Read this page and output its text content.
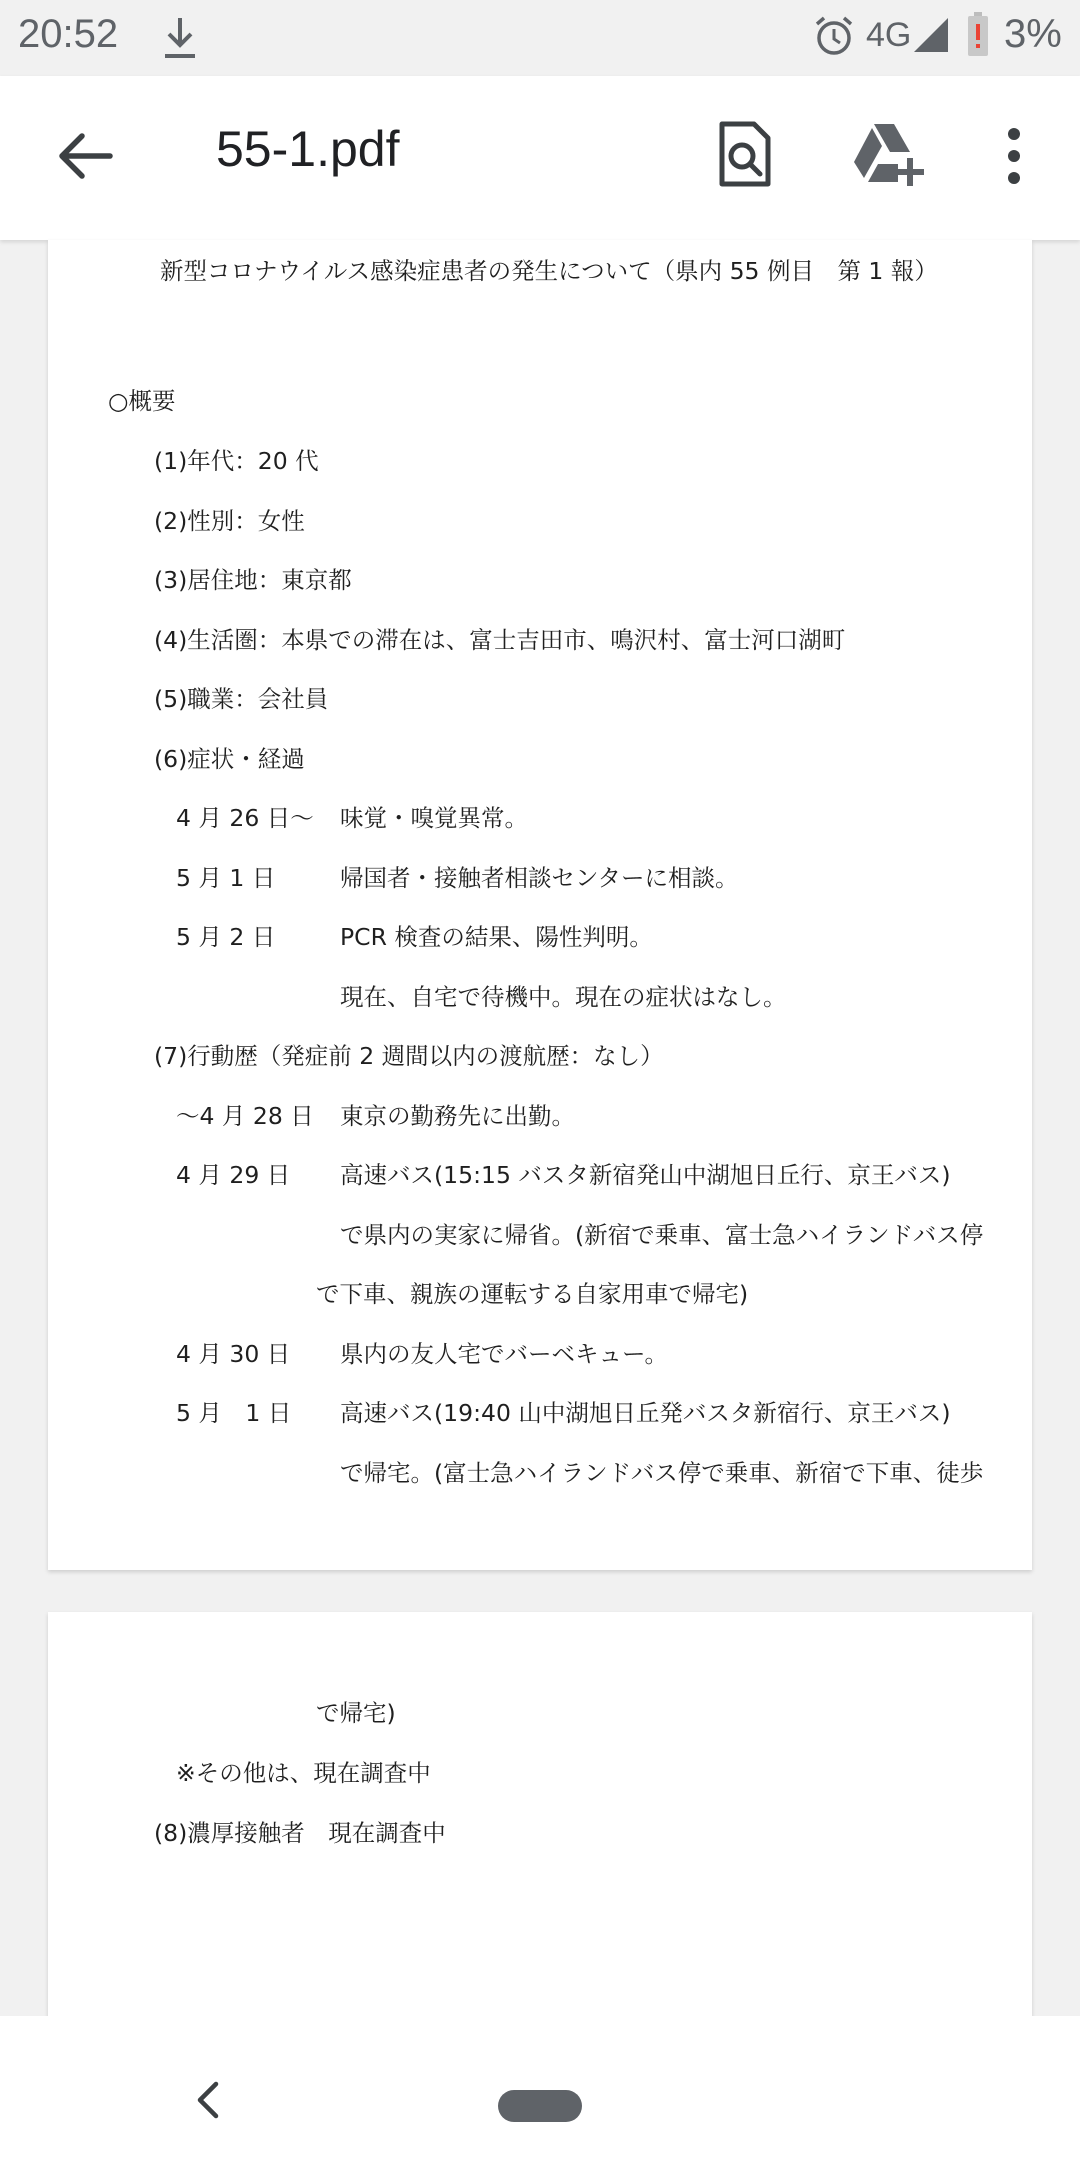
20:52	4G 3%
55-1.pdf
新型コロナウイルス感染症患者の発生について（県内 55 例目　第 1 報）
○概要
(1)年代：20 代
(2)性別：女性
(3)居住地：東京都
(4)生活圏：本県での滞在は、富士吉田市、鳴沢村、富士河口湖町
(5)職業：会社員
(6)症状・経過
4 月 26 日～ 味覚・嗅覚異常。
5 月 1 日	帰国者・接触者相談センターに相談。
5 月 2 日	PCR 検査の結果、陽性判明。
現在、自宅で待機中。現在の症状はなし。
(7)行動歴（発症前 2 週間以内の渡航歴：なし）
～4 月 28 日 東京の勤務先に出勤。
4 月 29 日 高速バス(15:15 バスタ新宿発山中湖旭日丘行、京王バス)
で県内の実家に帰省。(新宿で乗車、富士急ハイランドバス停
で下車、親族の運転する自家用車で帰宅)
4 月 30 日 県内の友人宅でバーベキュー。
5 月　1 日 高速バス(19:40 山中湖旭日丘発バスタ新宿行、京王バス)
で帰宅。(富士急ハイランドバス停で乗車、新宿で下車、徒歩
で帰宅)
※その他は、現在調査中
(8)濃厚接触者　現在調査中
